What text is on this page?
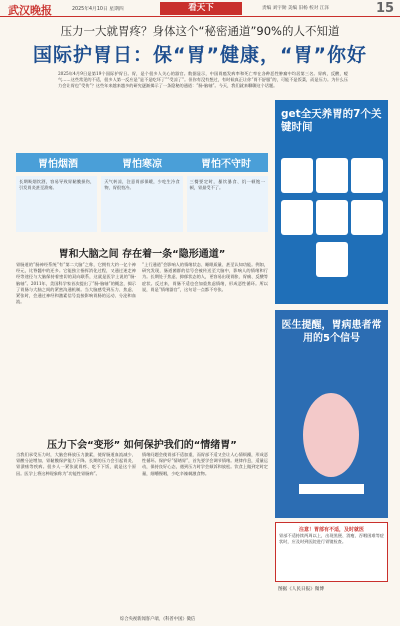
武汉晚报	2025年4月10日 星期四	看天下	责编 刘宇勋 美编 旧杨 校对 江泽	15
压力一大就胃疼？身体这个“秘密通道”90%的人不知道
国际护胃日：保“胃”健康，“胃”你好
2025年4月9日是第19个国际护胃日。胃，是个很多人关心的器官。数据显示，中国胃癌发病率和死亡率在各种恶性肿瘤中均居第三名。胃病，反酸，嗳气……这些常见的不适，很多人第一反应是“是不是吃坏了”“受凉了”。但你有没有想过，有时候真正让你“胃不舒服”的，可能不是饭菜，而是压力。为什么压力会让胃也“受伤”？这些年来越来越多的研究逐渐揭示了一条隐秘的通道：“肠-脑轴”。今天，我们就来聊聊这个话题。
胃怕烟酒	胃怕寒凉	胃怕不守时
长期吸烟饮酒，容易导致胃黏膜损伤，引发胃炎甚至溃疡。
天气转凉，注意胃部保暖，少吃生冷食物，胃很怕冷。
三餐要定时，暴饮暴食、饥一顿饱一顿，胃最受不了。
胃和大脑之间 存在着一条“隐形通道”
胃肠道的“肠神经系统”有“第二大脑”之称，它拥有大约一亿个神经元，比脊髓中的还多。它能独立指挥消化过程，又通过迷走神经等途径与大脑保持着密切的双向联系，这就是医学上说的“肠-脑轴”。2011年，美国科学家首次提出了“肠-脑轴”的概念，揭示了胃肠与大脑之间的紧密沟通机制。当大脑感受到压力、焦虑、紧张时，会通过神经和激素信号直接影响胃肠的运动、分泌和血流。
“上行通道”会影响人的情绪状态、睡眠质量、甚至认知功能。例如，研究发现，肠道菌群的信号会被传送至大脑中，影响人的情绪和行为。长期处于焦虑、抑郁状态的人，更容易出现胃胀、胃痛、反酸等症状。反过来，胃肠不适也会加重焦虑情绪，形成恶性循环。所以说，胃是“情绪器官”，这句话一点都不夸张。
压力下会“变形” 如何保护我们的“情绪胃”
当我们承受压力时，大脑会释放压力激素，使胃肠道血流减少、胃酸分泌增加、胃黏膜保护能力下降。长期的压力会引起胃炎、胃溃疡等疾病。很多人一紧张就胃疼、吃不下饭，就是这个原因。医学上将这种现象称为“功能性胃肠病”。
情绪问题会使胃部不适加重，而胃部不适又会让人心情烦躁，形成恶性循环。保护好“情绪胃”，首先要学会调节情绪。规律作息，适量运动，保持良好心态，遇到压力时学会倾诉和放松。饮食上做到定时定量，细嚼慢咽，少吃辛辣刺激食物。
get全天养胃的7个关键时间
医生提醒，胃病患者常用的5个信号
注意！胃部有不适，及时就医
胃部不适持续两周以上，出现黑便、消瘦、吞咽困难等症状时，应及时到医院进行胃镜检查。
图据《人民日报》微博
综合央视新闻客户端、《科普中国》微信
